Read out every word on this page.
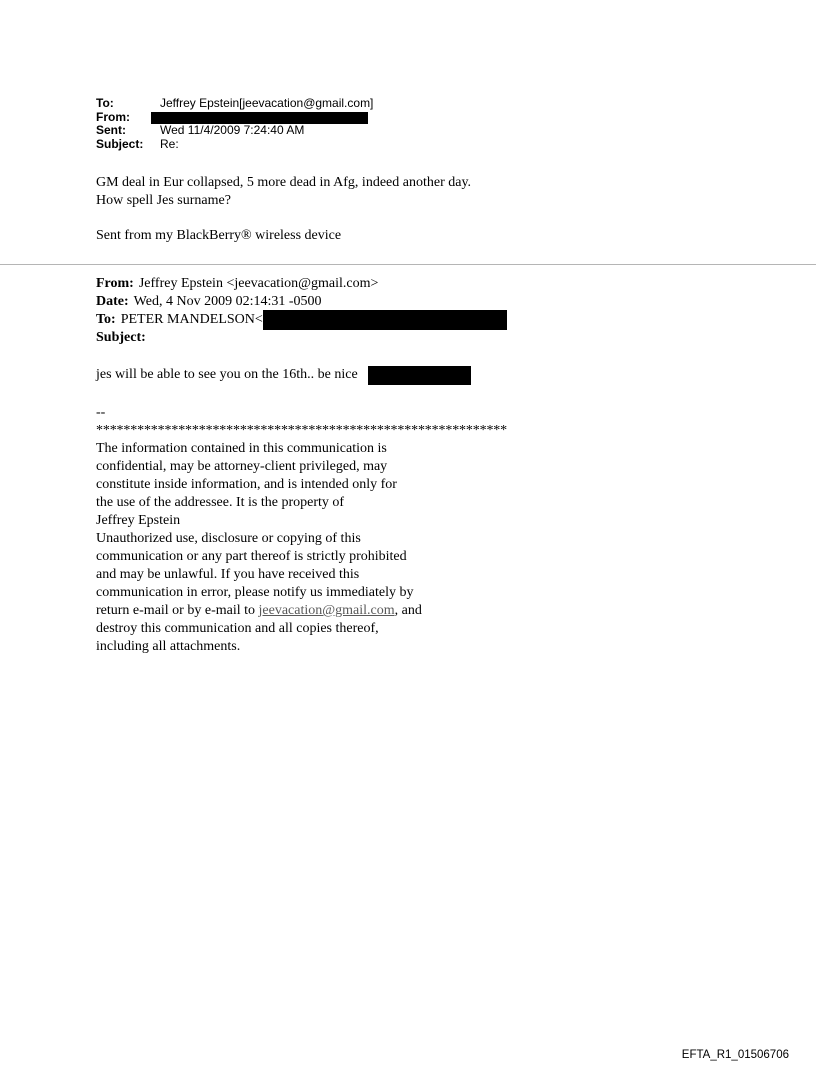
To:	Jeffrey Epstein[jeevacation@gmail.com]
From:
Sent:	Wed 11/4/2009 7:24:40 AM
Subject:	Re:
GM deal in Eur collapsed, 5 more dead in Afg, indeed another day.
How spell Jes surname?
Sent from my BlackBerry® wireless device
From: Jeffrey Epstein <jeevacation@gmail.com>
Date: Wed, 4 Nov 2009 02:14:31 -0500
To: PETER MANDELSON<
Subject:
jes will be able to see you on the 16th.. be nice
--
************************************************************
The information contained in this communication is
confidential, may be attorney-client privileged, may
constitute inside information, and is intended only for
the use of the addressee. It is the property of
Jeffrey Epstein
Unauthorized use, disclosure or copying of this
communication or any part thereof is strictly prohibited
and may be unlawful. If you have received this
communication in error, please notify us immediately by
return e-mail or by e-mail to jeevacation@gmail.com, and
destroy this communication and all copies thereof,
including all attachments.
EFTA_R1_01506706
